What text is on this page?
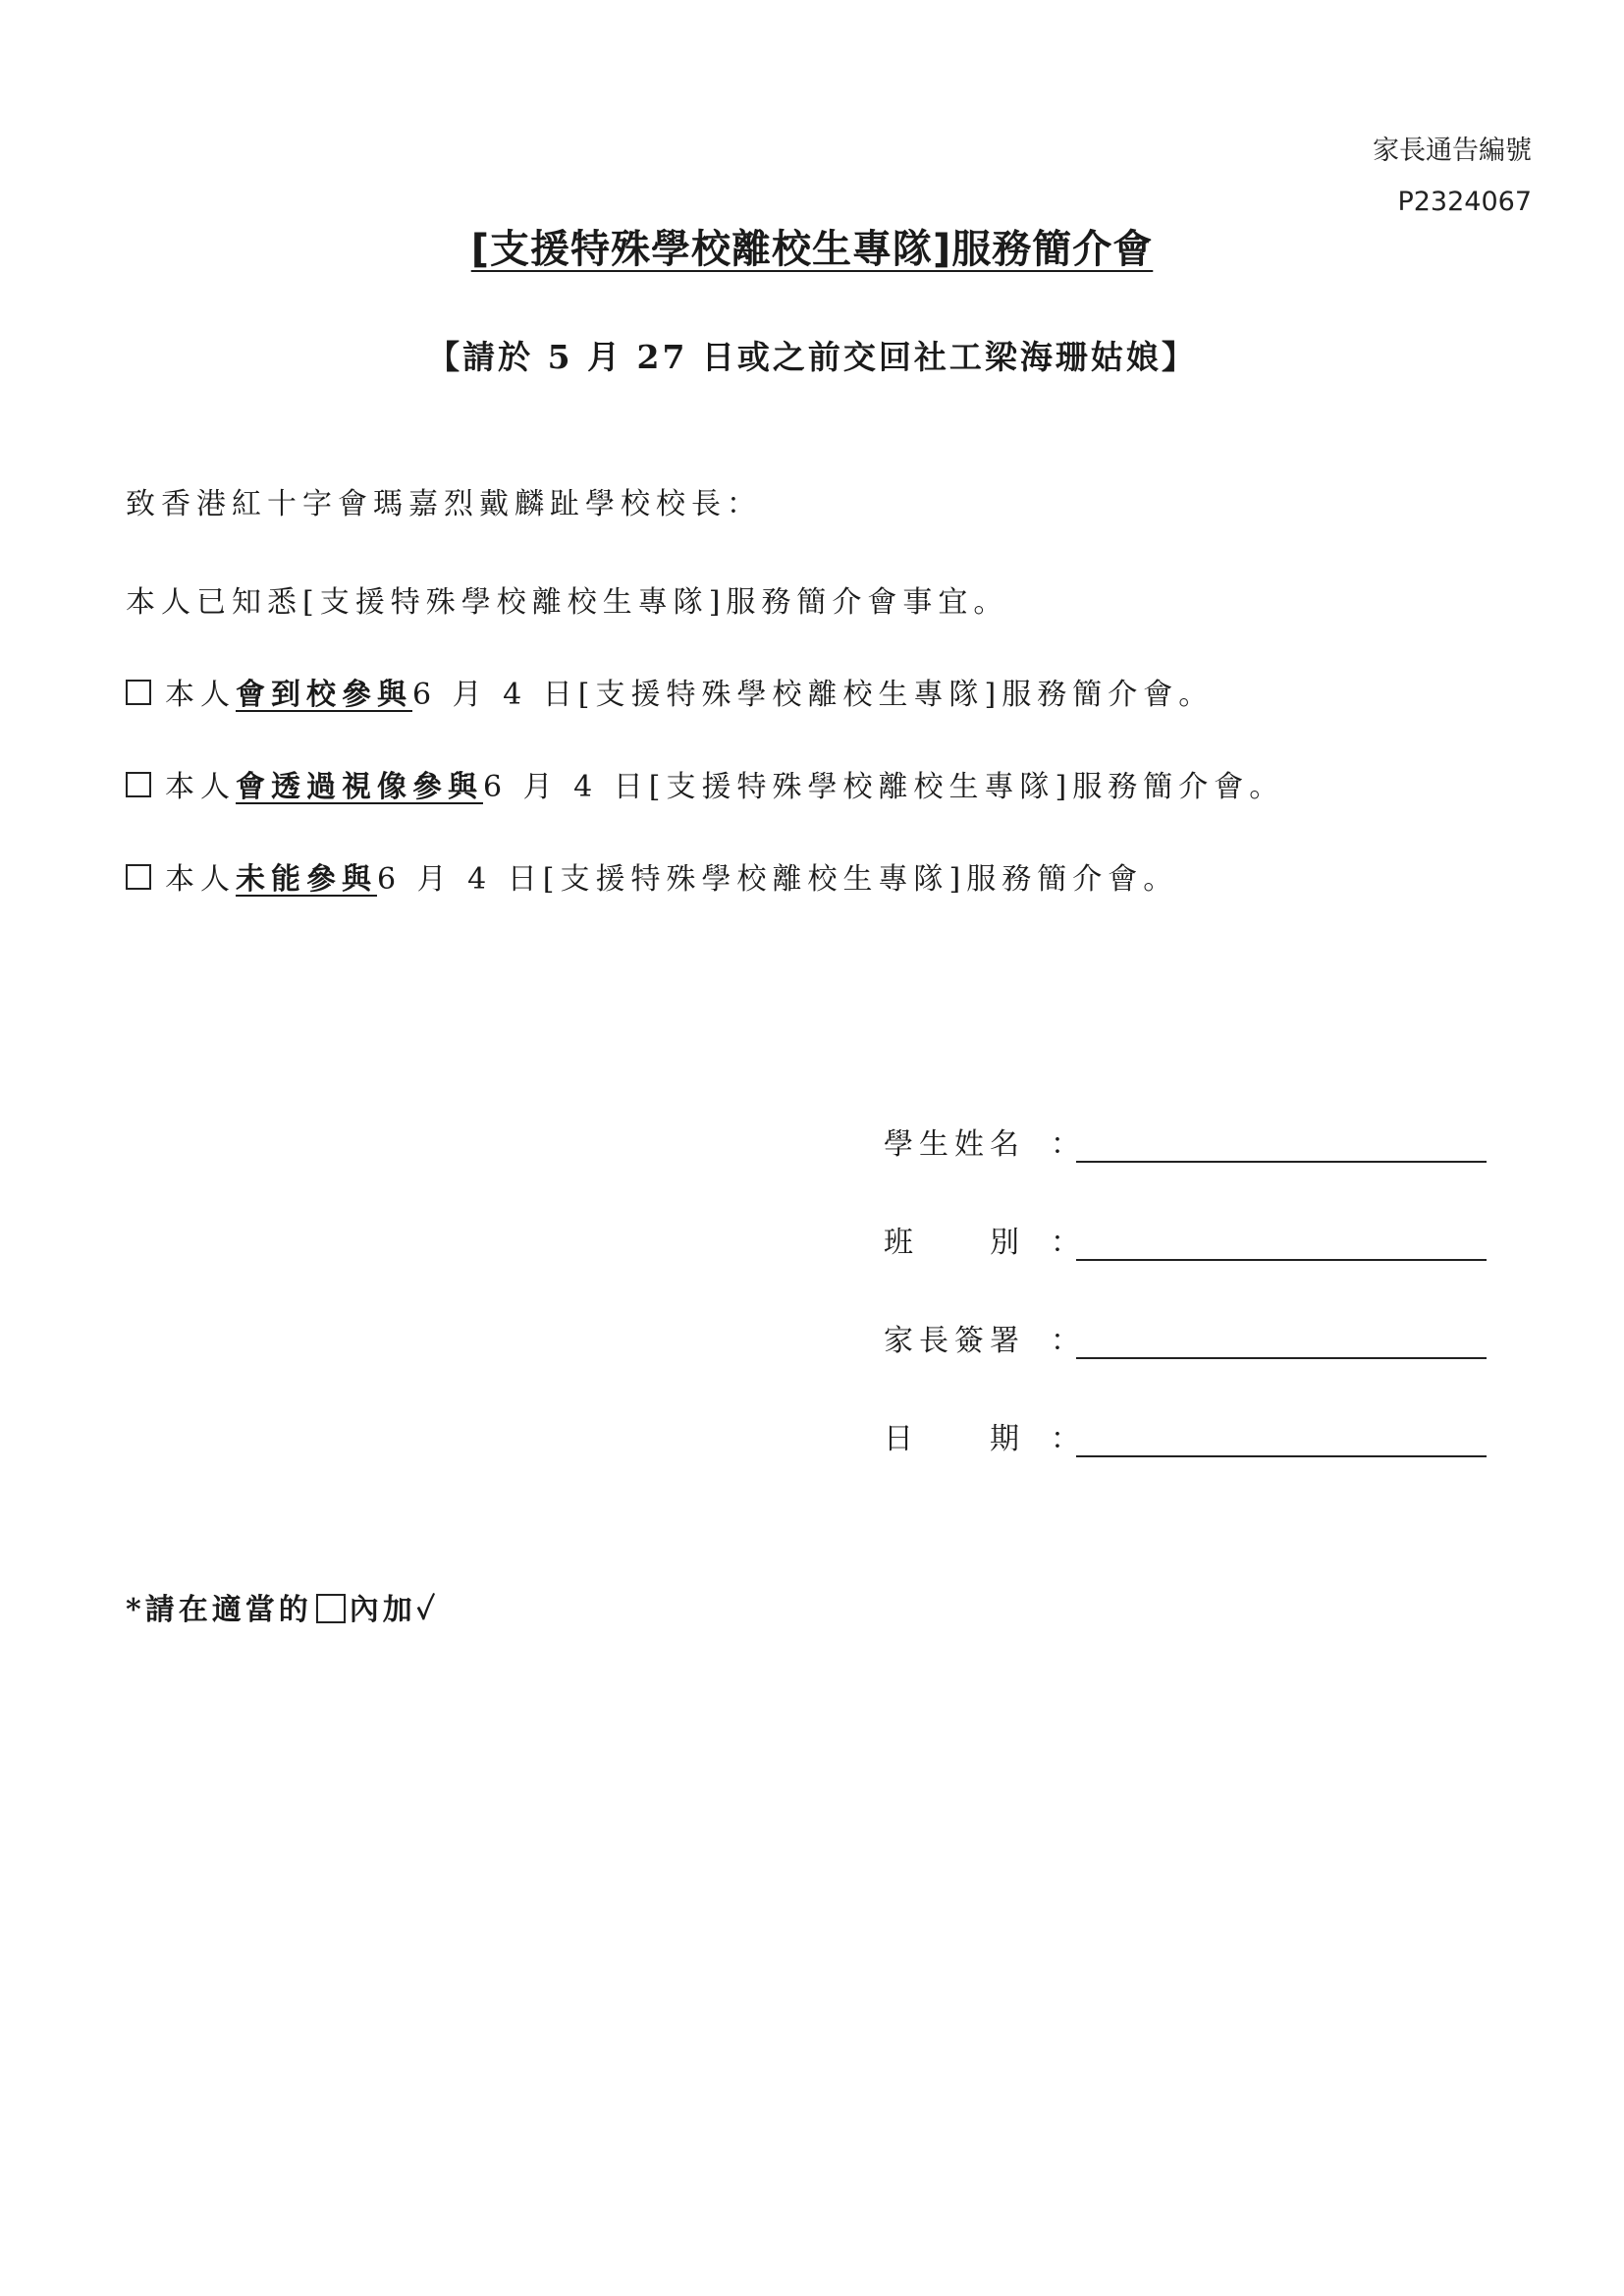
家長通告編號
P2324067
[支援特殊學校離校生專隊]服務簡介會
【請於 5 月 27 日或之前交回社工梁海珊姑娘】
致香港紅十字會瑪嘉烈戴麟趾學校校長：
本人已知悉[支援特殊學校離校生專隊]服務簡介會事宜。
本人會到校參與6 月 4 日[支援特殊學校離校生專隊]服務簡介會。
本人會透過視像參與6 月 4 日[支援特殊學校離校生專隊]服務簡介會。
本人未能參與6 月 4 日[支援特殊學校離校生專隊]服務簡介會。
學生姓名 ：
班　　別 ：
家長簽署 ：
日　　期 ：
*請在適當的 內加✓
